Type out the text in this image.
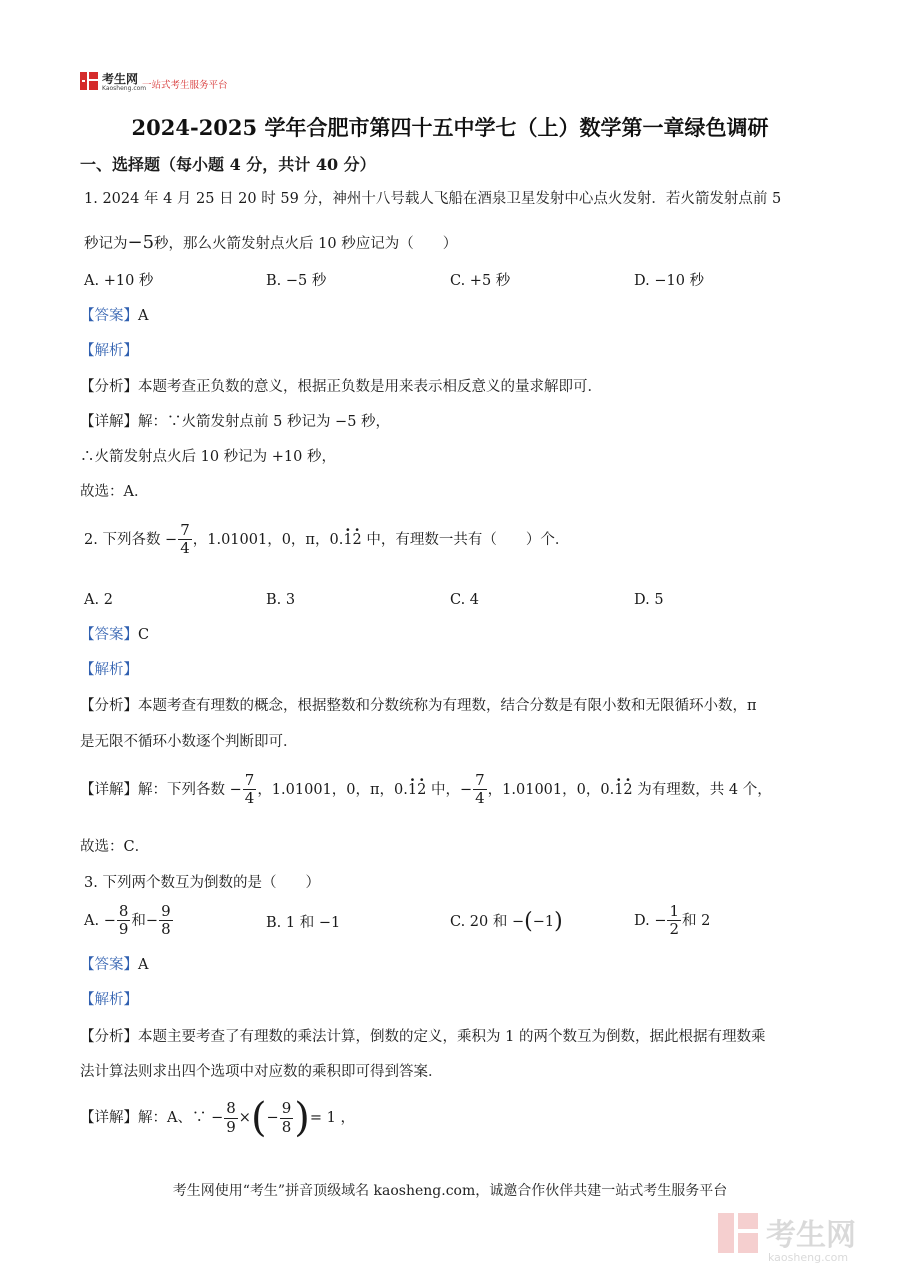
考生网
Kaosheng.com
一站式考生服务平台
2024-2025 学年合肥市第四十五中学七（上）数学第一章绿色调研
一、选择题（每小题 4 分，共计 40 分）
1. 2024 年 4 月 25 日 20 时 59 分，神州十八号载人飞船在酒泉卫星发射中心点火发射．若火箭发射点前 5
秒记为−5秒，那么火箭发射点火后 10 秒应记为（　　）
A. +10 秒	B. −5 秒	C. +5 秒	D. −10 秒
【答案】A
【解析】
【分析】本题考查正负数的意义，根据正负数是用来表示相反意义的量求解即可．
【详解】解：∵火箭发射点前 5 秒记为 −5 秒，
∴火箭发射点火后 10 秒记为 +10 秒，
故选：A．
2. 下列各数 − $\frac{7}{4}$ ，1.01001，0，π，0.· 1· 2 中，有理数一共有（　　）个．
A. 2	B. 3	C. 4	D. 5
【答案】C
【解析】
【分析】本题考查有理数的概念，根据整数和分数统称为有理数，结合分数是有限小数和无限循环小数，π
是无限不循环小数逐个判断即可．
【详解】解：下列各数 − $\frac{7}{4}$ ，1.01001，0，π，0.· 1· 2 中，− $\frac{7}{4}$ ，1.01001，0，0.· 1· 2 为有理数，共 4 个，
故选：C．
3. 下列两个数互为倒数的是（　　）
A. − $\frac{8}{9}$ 和− $\frac{9}{8}$	B. 1 和 −1	C. 20 和 −(−1)	D. − $\frac{1}{2}$ 和 2
【答案】A
【解析】
【分析】本题主要考查了有理数的乘法计算，倒数的定义，乘积为 1 的两个数互为倒数，据此根据有理数乘
法计算法则求出四个选项中对应数的乘积即可得到答案．
【详解】解：A、∵ − $\frac{8}{9}$ ×(− $\frac{9}{8}$ )= 1 ，
考生网使用“考生”拼音顶级域名 kaosheng.com，诚邀合作伙伴共建一站式考生服务平台
考生网
kaosheng.com
